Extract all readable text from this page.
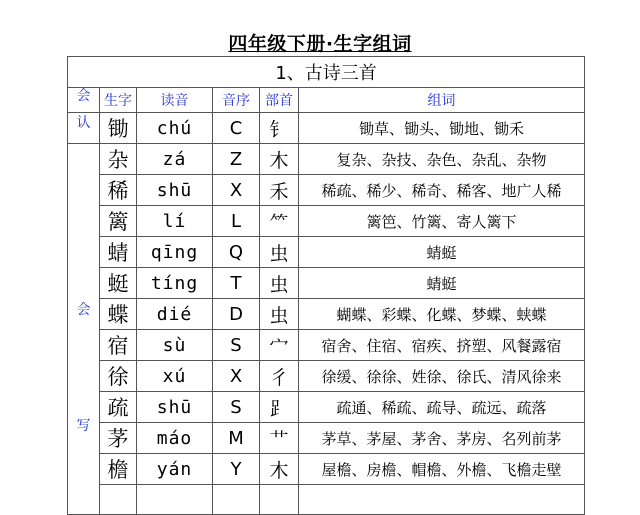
四年级下册·生字组词
1、古诗三首					

会	生字	读音	音序	部首	组词
认	锄	chú	C	钅	锄草、锄头、锄地、锄禾

会
写	杂	zá	Z	木	复杂、杂技、杂色、杂乱、杂物
	稀	shū	X	禾	稀疏、稀少、稀奇、稀客、地广人稀
	篱	lí	L	⺮	篱笆、竹篱、寄人篱下
	蜻	qīng	Q	虫	蜻蜓
	蜓	tíng	T	虫	蜻蜓
	蝶	dié	D	虫	蝴蝶、彩蝶、化蝶、梦蝶、蛱蝶
	宿	sù	S	宀	宿舍、住宿、宿疾、挤塑、风餐露宿
	徐	xú	X	彳	徐缓、徐徐、姓徐、徐氏、清风徐来
	疏	shū	S	⻊	疏通、稀疏、疏导、疏远、疏落
	茅	máo	M	艹	茅草、茅屋、茅舍、茅房、名列前茅
	檐	yán	Y	木	屋檐、房檐、帽檐、外檐、飞檐走壁
